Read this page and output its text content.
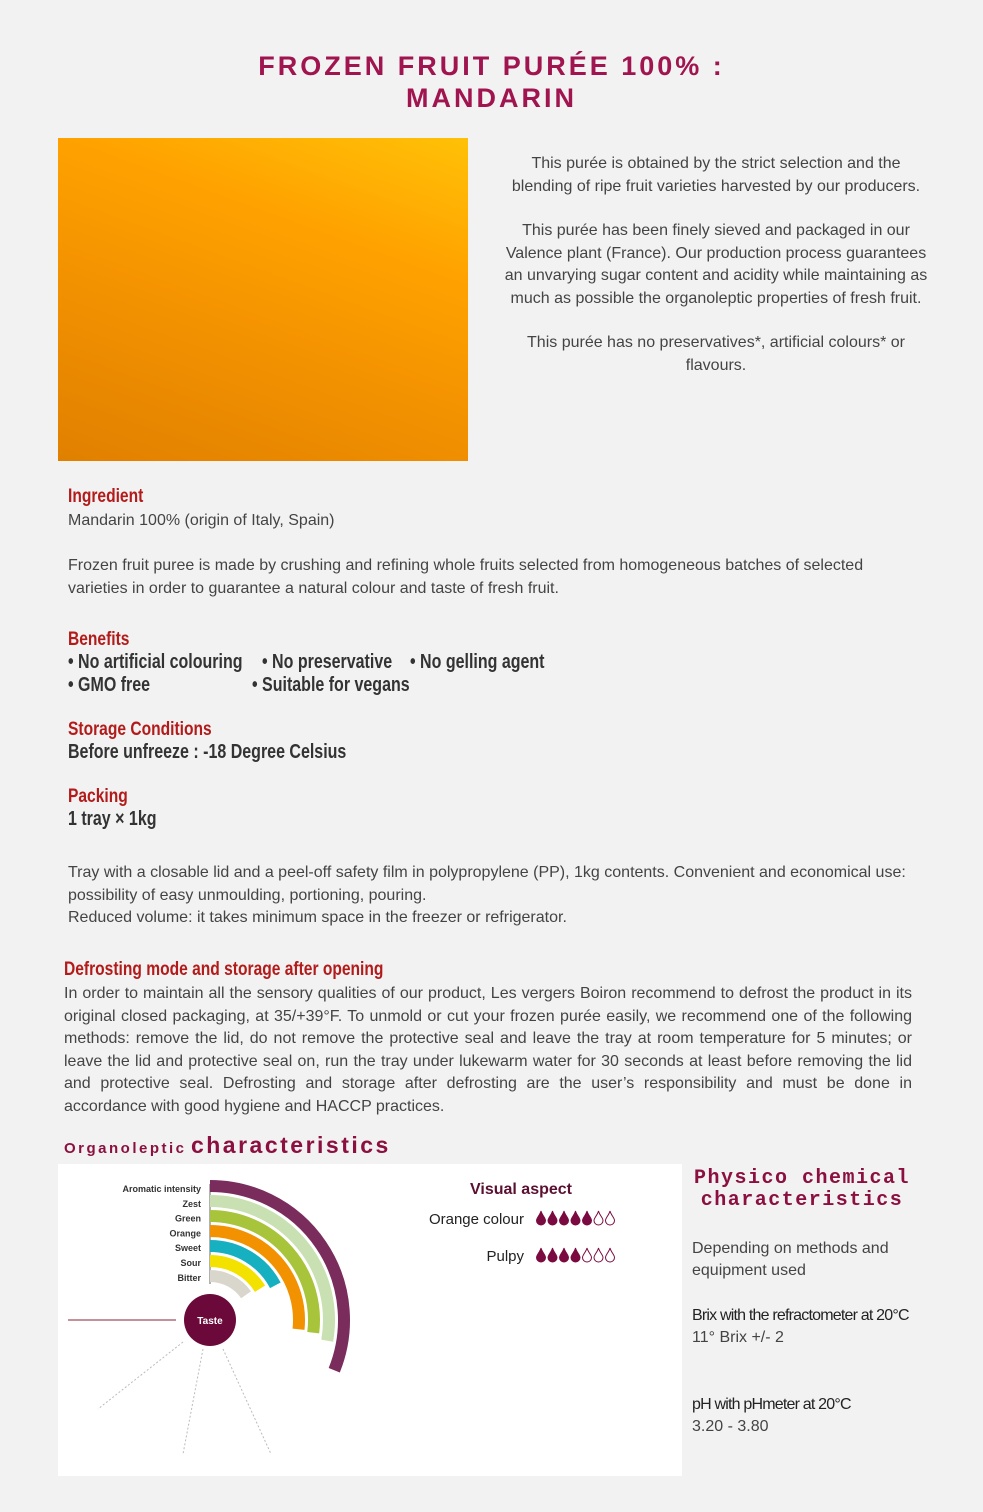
FROZEN FRUIT PURÉE 100% :
MANDARIN

This purée is obtained by the strict selection and the blending of ripe fruit varieties harvested by our producers.

This purée has been finely sieved and packaged in our Valence plant (France). Our production process guarantees an unvarying sugar content and acidity while maintaining as much as possible the organoleptic properties of fresh fruit.

This purée has no preservatives*, artificial colours* or flavours.

Ingredient
Mandarin 100% (origin of Italy, Spain)
Frozen fruit puree is made by crushing and refining whole fruits selected from homogeneous batches of selected varieties in order to guarantee a natural colour and taste of fresh fruit.
Benefits
• No artificial colouring • No preservative • No gelling agent
• GMO free	• Suitable for vegans
Storage Conditions
Before unfreeze : -18 Degree Celsius
Packing
1 tray × 1kg
Tray with a closable lid and a peel-off safety film in polypropylene (PP), 1kg contents. Convenient and economical use: possibility of easy unmoulding, portioning, pouring.
Reduced volume: it takes minimum space in the freezer or refrigerator.
Defrosting mode and storage after opening
In order to maintain all the sensory qualities of our product, Les vergers Boiron recommend to defrost the product in its original closed packaging, at 35/+39°F. To unmold or cut your frozen purée easily, we recommend one of the following methods: remove the lid, do not remove the protective seal and leave the tray at room temperature for 5 minutes; or leave the lid and protective seal on, run the tray under lukewarm water for 30 seconds at least before removing the lid and protective seal. Defrosting and storage after defrosting are the user’s responsibility and must be done in accordance with good hygiene and HACCP practices.
Organoleptic characteristics
Aromatic intensity
Zest
Green
Orange
Sweet
Sour
Bitter
Taste
Visual aspect
Orange colour
Pulpy
Physico chemical characteristics
Depending on methods and equipment used
Brix with the refractometer at 20°C
11° Brix +/- 2
pH with pHmeter at 20°C
3.20 - 3.80
